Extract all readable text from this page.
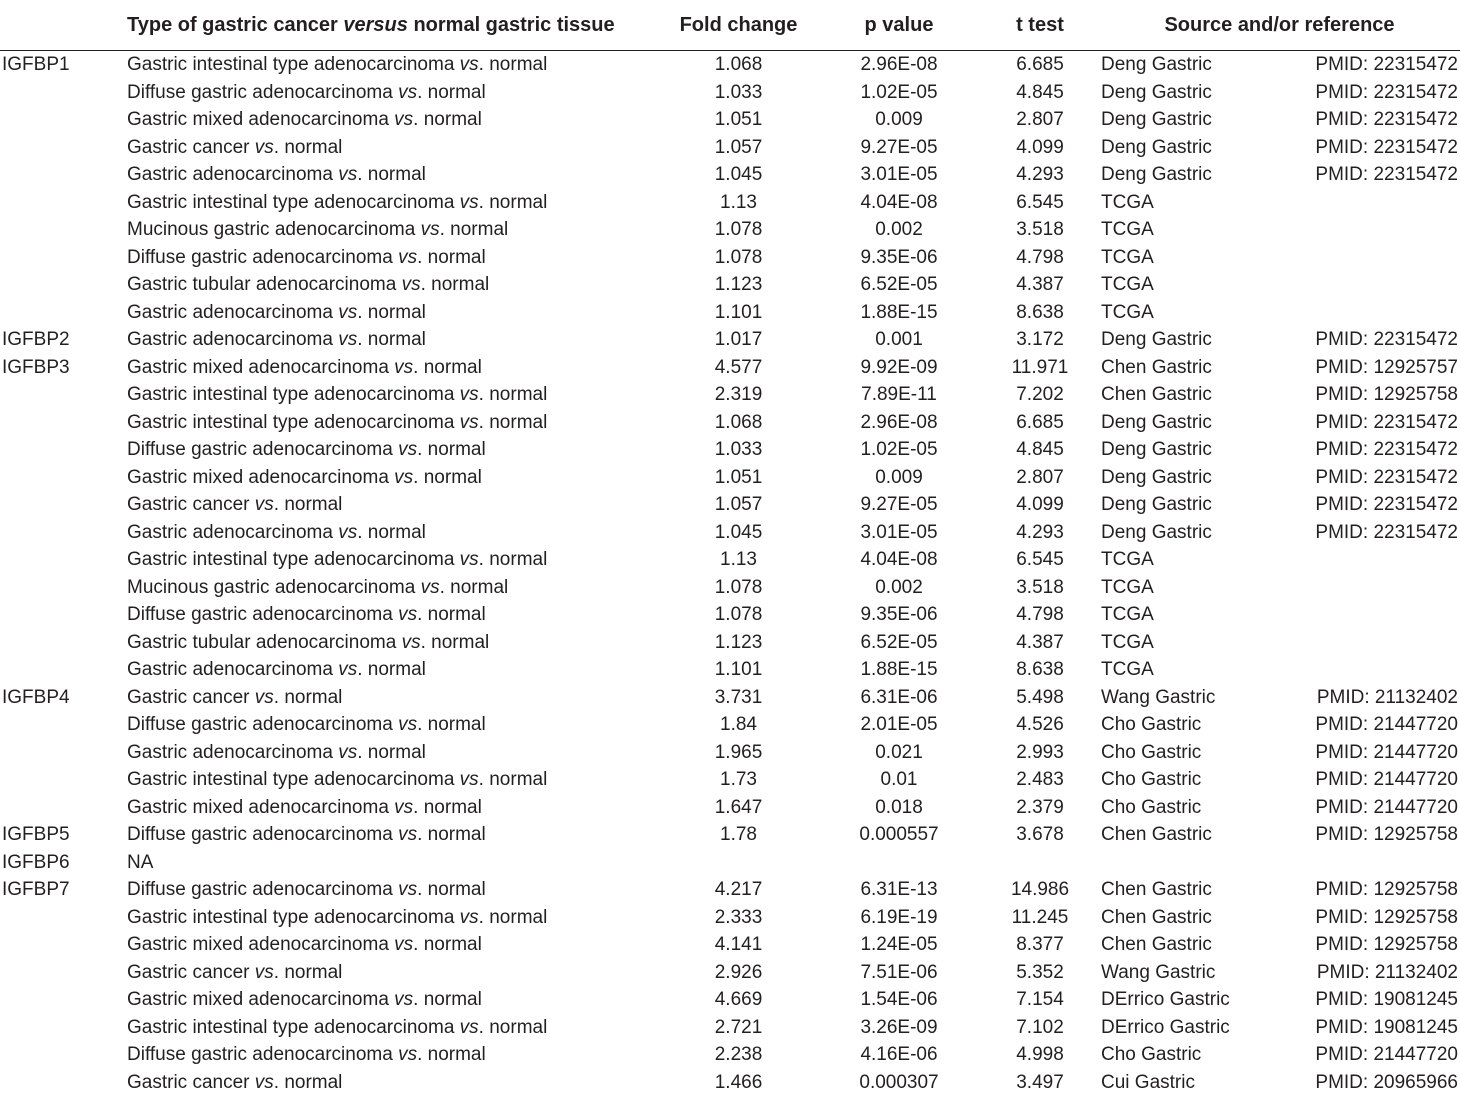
	Type of gastric cancer versus normal gastric tissue	Fold change	p value	t test	Source and/or reference	
IGFBP1	Gastric intestinal type adenocarcinoma vs. normal	1.068	2.96E-08	6.685	Deng Gastric	PMID: 22315472
	Diffuse gastric adenocarcinoma vs. normal	1.033	1.02E-05	4.845	Deng Gastric	PMID: 22315472
	Gastric mixed adenocarcinoma vs. normal	1.051	0.009	2.807	Deng Gastric	PMID: 22315472
	Gastric cancer vs. normal	1.057	9.27E-05	4.099	Deng Gastric	PMID: 22315472
	Gastric adenocarcinoma vs. normal	1.045	3.01E-05	4.293	Deng Gastric	PMID: 22315472
	Gastric intestinal type adenocarcinoma vs. normal	1.13	4.04E-08	6.545	TCGA	
	Mucinous gastric adenocarcinoma vs. normal	1.078	0.002	3.518	TCGA	
	Diffuse gastric adenocarcinoma vs. normal	1.078	9.35E-06	4.798	TCGA	
	Gastric tubular adenocarcinoma vs. normal	1.123	6.52E-05	4.387	TCGA	
	Gastric adenocarcinoma vs. normal	1.101	1.88E-15	8.638	TCGA	
IGFBP2	Gastric adenocarcinoma vs. normal	1.017	0.001	3.172	Deng Gastric	PMID: 22315472
IGFBP3	Gastric mixed adenocarcinoma vs. normal	4.577	9.92E-09	11.971	Chen Gastric	PMID: 12925757
	Gastric intestinal type adenocarcinoma vs. normal	2.319	7.89E-11	7.202	Chen Gastric	PMID: 12925758
	Gastric intestinal type adenocarcinoma vs. normal	1.068	2.96E-08	6.685	Deng Gastric	PMID: 22315472
	Diffuse gastric adenocarcinoma vs. normal	1.033	1.02E-05	4.845	Deng Gastric	PMID: 22315472
	Gastric mixed adenocarcinoma vs. normal	1.051	0.009	2.807	Deng Gastric	PMID: 22315472
	Gastric cancer vs. normal	1.057	9.27E-05	4.099	Deng Gastric	PMID: 22315472
	Gastric adenocarcinoma vs. normal	1.045	3.01E-05	4.293	Deng Gastric	PMID: 22315472
	Gastric intestinal type adenocarcinoma vs. normal	1.13	4.04E-08	6.545	TCGA	
	Mucinous gastric adenocarcinoma vs. normal	1.078	0.002	3.518	TCGA	
	Diffuse gastric adenocarcinoma vs. normal	1.078	9.35E-06	4.798	TCGA	
	Gastric tubular adenocarcinoma vs. normal	1.123	6.52E-05	4.387	TCGA	
	Gastric adenocarcinoma vs. normal	1.101	1.88E-15	8.638	TCGA	
IGFBP4	Gastric cancer vs. normal	3.731	6.31E-06	5.498	Wang Gastric	PMID: 21132402
	Diffuse gastric adenocarcinoma vs. normal	1.84	2.01E-05	4.526	Cho Gastric	PMID: 21447720
	Gastric adenocarcinoma vs. normal	1.965	0.021	2.993	Cho Gastric	PMID: 21447720
	Gastric intestinal type adenocarcinoma vs. normal	1.73	0.01	2.483	Cho Gastric	PMID: 21447720
	Gastric mixed adenocarcinoma vs. normal	1.647	0.018	2.379	Cho Gastric	PMID: 21447720
IGFBP5	Diffuse gastric adenocarcinoma vs. normal	1.78	0.000557	3.678	Chen Gastric	PMID: 12925758
IGFBP6	NA					
IGFBP7	Diffuse gastric adenocarcinoma vs. normal	4.217	6.31E-13	14.986	Chen Gastric	PMID: 12925758
	Gastric intestinal type adenocarcinoma vs. normal	2.333	6.19E-19	11.245	Chen Gastric	PMID: 12925758
	Gastric mixed adenocarcinoma vs. normal	4.141	1.24E-05	8.377	Chen Gastric	PMID: 12925758
	Gastric cancer vs. normal	2.926	7.51E-06	5.352	Wang Gastric	PMID: 21132402
	Gastric mixed adenocarcinoma vs. normal	4.669	1.54E-06	7.154	DErrico Gastric	PMID: 19081245
	Gastric intestinal type adenocarcinoma vs. normal	2.721	3.26E-09	7.102	DErrico Gastric	PMID: 19081245
	Diffuse gastric adenocarcinoma vs. normal	2.238	4.16E-06	4.998	Cho Gastric	PMID: 21447720
	Gastric cancer vs. normal	1.466	0.000307	3.497	Cui Gastric	PMID: 20965966
